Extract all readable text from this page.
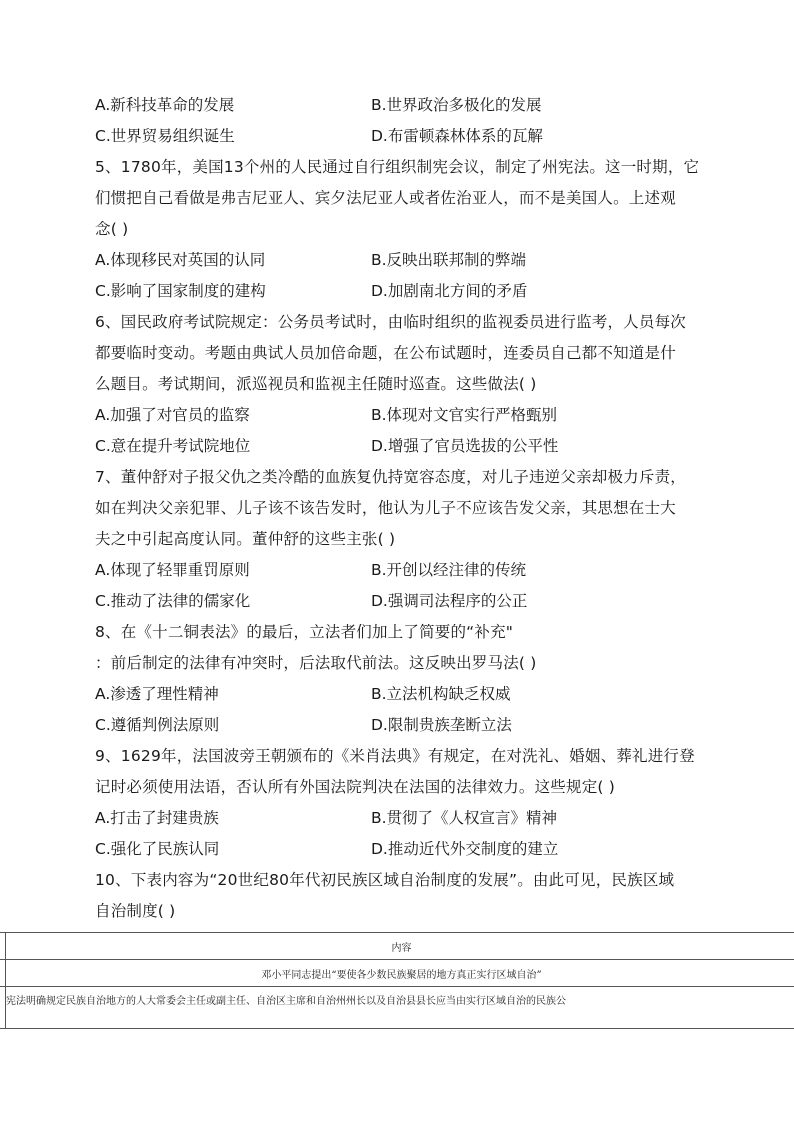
A.新科技革命的发展	B.世界政治多极化的发展
C.世界贸易组织诞生	D.布雷顿森林体系的瓦解
5、1780年，美国13个州的人民通过自行组织制宪会议，制定了州宪法。这一时期，它
们惯把自己看做是弗吉尼亚人、宾夕法尼亚人或者佐治亚人，而不是美国人。上述观
念( )
A.体现移民对英国的认同	B.反映出联邦制的弊端
C.影响了国家制度的建构	D.加剧南北方间的矛盾
6、国民政府考试院规定：公务员考试时，由临时组织的监视委员进行监考，人员每次
都要临时变动。考题由典试人员加倍命题，在公布试题时，连委员自己都不知道是什
么题目。考试期间，派巡视员和监视主任随时巡查。这些做法( )
A.加强了对官员的监察	B.体现对文官实行严格甄别
C.意在提升考试院地位	D.增强了官员选拔的公平性
7、董仲舒对子报父仇之类冷酷的血族复仇持宽容态度，对儿子违逆父亲却极力斥责，
如在判决父亲犯罪、儿子该不该告发时，他认为儿子不应该告发父亲，其思想在士大
夫之中引起高度认同。董仲舒的这些主张( )
A.体现了轻罪重罚原则	B.开创以经注律的传统
C.推动了法律的儒家化	D.强调司法程序的公正
8、在《十二铜表法》的最后，立法者们加上了简要的“补充"
：前后制定的法律有冲突时，后法取代前法。这反映出罗马法( )
A.渗透了理性精神	B.立法机构缺乏权威
C.遵循判例法原则	D.限制贵族垄断立法
9、1629年，法国波旁王朝颁布的《米肖法典》有规定，在对洗礼、婚姻、葬礼进行登
记时必须使用法语，否认所有外国法院判决在法国的法律效力。这些规定( )
A.打击了封建贵族	B.贯彻了《人权宣言》精神
C.强化了民族认同	D.推动近代外交制度的建立
10、下表内容为“20世纪80年代初民族区域自治制度的发展”。由此可见，民族区域
自治制度( )
	内容
	邓小平同志提出“要使各少数民族聚居的地方真正实行区域自治”
	宪法明确规定民族自治地方的人大常委会主任或副主任、自治区主席和自治州州长以及自治县县长应当由实行区域自治的民族公
